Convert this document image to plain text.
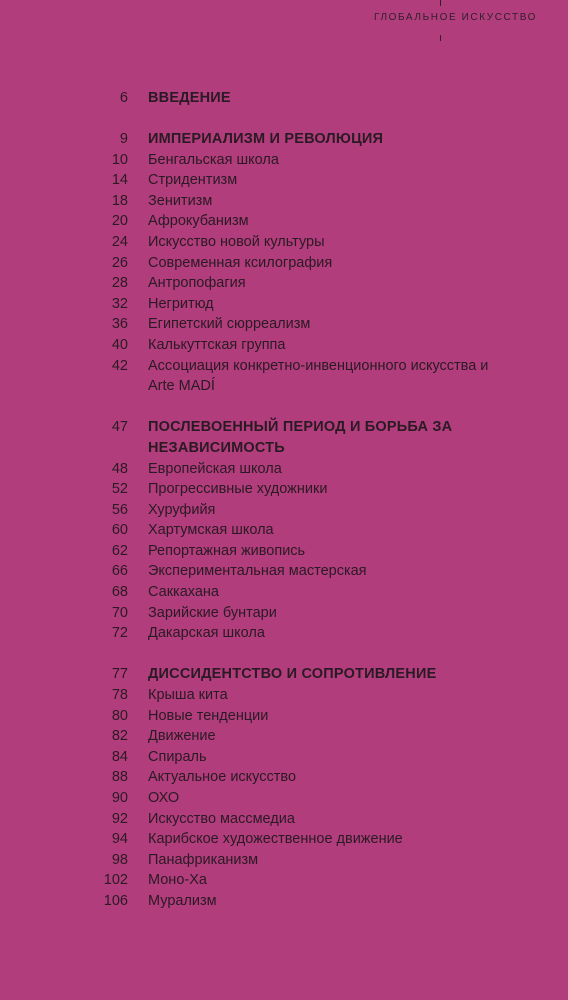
ГЛОБАЛЬНОЕ ИСКУССТВО
6	ВВЕДЕНИЕ
9	ИМПЕРИАЛИЗМ И РЕВОЛЮЦИЯ
10	Бенгальская школа
14	Стридентизм
18	Зенитизм
20	Афрокубанизм
24	Искусство новой культуры
26	Современная ксилография
28	Антропофагия
32	Негритюд
36	Египетский сюрреализм
40	Калькуттская группа
42	Ассоциация конкретно-инвенционного искусства и Arte MADÍ
47	ПОСЛЕВОЕННЫЙ ПЕРИОД И БОРЬБА ЗА НЕЗАВИСИМОСТЬ
48	Европейская школа
52	Прогрессивные художники
56	Хуруфийя
60	Хартумская школа
62	Репортажная живопись
66	Экспериментальная мастерская
68	Саккахана
70	Зарийские бунтари
72	Дакарская школа
77	ДИССИДЕНТСТВО И СОПРОТИВЛЕНИЕ
78	Крыша кита
80	Новые тенденции
82	Движение
84	Спираль
88	Актуальное искусство
90	ОХО
92	Искусство массмедиа
94	Карибское художественное движение
98	Панафриканизм
102	Моно-Ха
106	Мурализм
